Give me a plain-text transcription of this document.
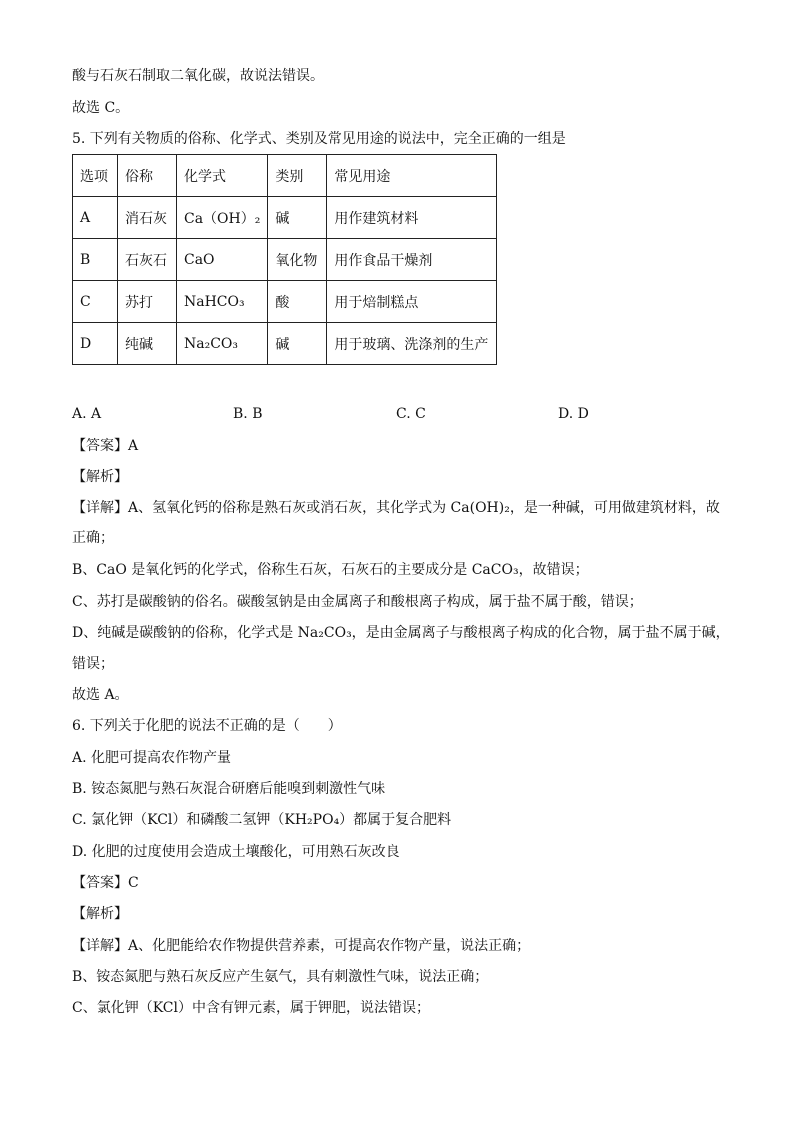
酸与石灰石制取二氧化碳，故说法错误。
故选 C。
5. 下列有关物质的俗称、化学式、类别及常见用途的说法中，完全正确的一组是
选项	俗称	化学式	类别	常见用途
A	消石灰	Ca（OH）₂	碱	用作建筑材料
B	石灰石	CaO	氧化物	用作食品干燥剂
C	苏打	NaHCO₃	酸	用于焙制糕点
D	纯碱	Na₂CO₃	碱	用于玻璃、洗涤剂的生产
A. A	B. B	C. C	D. D
【答案】A
【解析】
【详解】A、氢氧化钙的俗称是熟石灰或消石灰，其化学式为 Ca(OH)₂，是一种碱，可用做建筑材料，故
正确；
B、CaO 是氧化钙的化学式，俗称生石灰，石灰石的主要成分是 CaCO₃，故错误；
C、苏打是碳酸钠的俗名。碳酸氢钠是由金属离子和酸根离子构成，属于盐不属于酸，错误；
D、纯碱是碳酸钠的俗称，化学式是 Na₂CO₃，是由金属离子与酸根离子构成的化合物，属于盐不属于碱，
错误；
故选 A。
6. 下列关于化肥的说法不正确的是（　　）
A. 化肥可提高农作物产量
B. 铵态氮肥与熟石灰混合研磨后能嗅到刺激性气味
C. 氯化钾（KCl）和磷酸二氢钾（KH₂PO₄）都属于复合肥料
D. 化肥的过度使用会造成土壤酸化，可用熟石灰改良
【答案】C
【解析】
【详解】A、化肥能给农作物提供营养素，可提高农作物产量，说法正确；
B、铵态氮肥与熟石灰反应产生氨气，具有刺激性气味，说法正确；
C、氯化钾（KCl）中含有钾元素，属于钾肥，说法错误；
